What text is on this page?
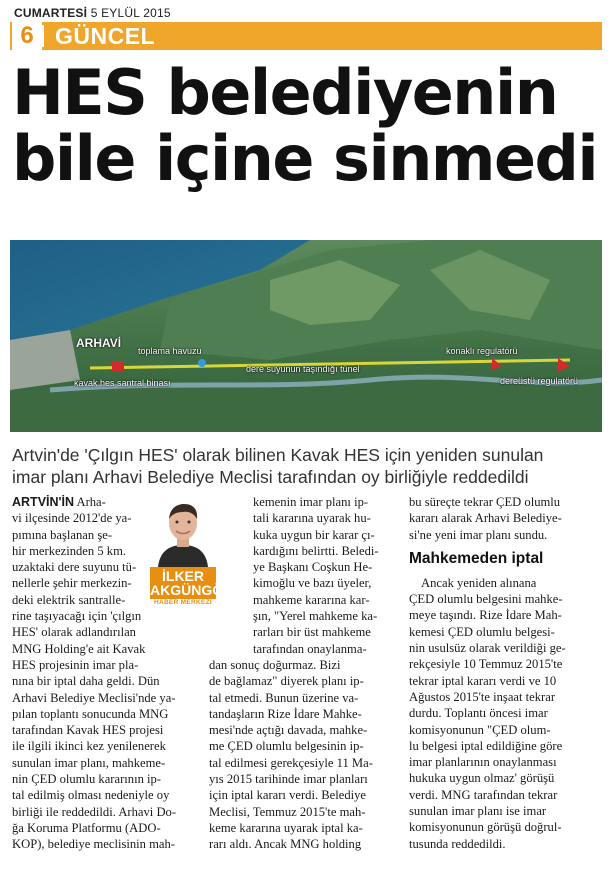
CUMARTESİ 5 EYLÜL 2015
6 GÜNCEL
HES belediyenin
bile içine sinmedi
ARHAVİ
toplama havuzu
kavak hes santral binası
dere suyunun taşındığı tünel
konaklı regulatörü
dereüstü regulatörü
Artvin'de 'Çılgın HES' olarak bilinen Kavak HES için yeniden sunulan
imar planı Arhavi Belediye Meclisi tarafından oy birliğiyle reddedildi
İLKER
AKGÜNGÖR
HABER MERKEZİ
ARTVİN'İN Arha-
vi ilçesinde 2012'de ya-
pımına başlanan şe-
hir merkezinden 5 km.
uzaktaki dere suyunu tü-
nellerle şehir merkezin-
deki elektrik santralle-
rine taşıyacağı için 'çılgın
HES' olarak adlandırılan
MNG Holding'e ait Kavak
HES projesinin imar pla-
nına bir iptal daha geldi. Dün
Arhavi Belediye Meclisi'nde ya-
pılan toplantı sonucunda MNG
tarafından Kavak HES projesi
ile ilgili ikinci kez yenilenerek
sunulan imar planı, mahkeme-
nin ÇED olumlu kararının ip-
tal edilmiş olması nedeniyle oy
birliği ile reddedildi. Arhavi Do-
ğa Koruma Platformu (ADO-
KOP), belediye meclisinin mah-
kemenin imar planı ip-
tali kararına uyarak hu-
kuka uygun bir karar çı-
kardığını belirtti. Beledi-
ye Başkanı Coşkun He-
kimoğlu ve bazı üyeler,
mahkeme kararına kar-
şın, "Yerel mahkeme ka-
rarları bir üst mahkeme
tarafından onaylanma-
dan sonuç doğurmaz. Bizi
de bağlamaz" diyerek planı ip-
tal etmedi. Bunun üzerine va-
tandaşların Rize İdare Mahke-
mesi'nde açtığı davada, mahke-
me ÇED olumlu belgesinin ip-
tal edilmesi gerekçesiyle 11 Ma-
yıs 2015 tarihinde imar planları
için iptal kararı verdi. Belediye
Meclisi, Temmuz 2015'te mah-
keme kararına uyarak iptal ka-
rarı aldı. Ancak MNG holding
bu süreçte tekrar ÇED olumlu
kararı alarak Arhavi Belediye-
si'ne yeni imar planı sundu.
Mahkemeden iptal
Ancak yeniden alınana
ÇED olumlu belgesini mahke-
meye taşındı. Rize İdare Mah-
kemesi ÇED olumlu belgesi-
nin usulsüz olarak verildiği ge-
rekçesiyle 10 Temmuz 2015'te
tekrar iptal kararı verdi ve 10
Ağustos 2015'te inşaat tekrar
durdu. Toplantı öncesi imar
komisyonunun "ÇED olum-
lu belgesi iptal edildiğine göre
imar planlarının onaylanması
hukuka uygun olmaz' görüşü
verdi. MNG tarafından tekrar
sunulan imar planı ise imar
komisyonunun görüşü doğrul-
tusunda reddedildi.
